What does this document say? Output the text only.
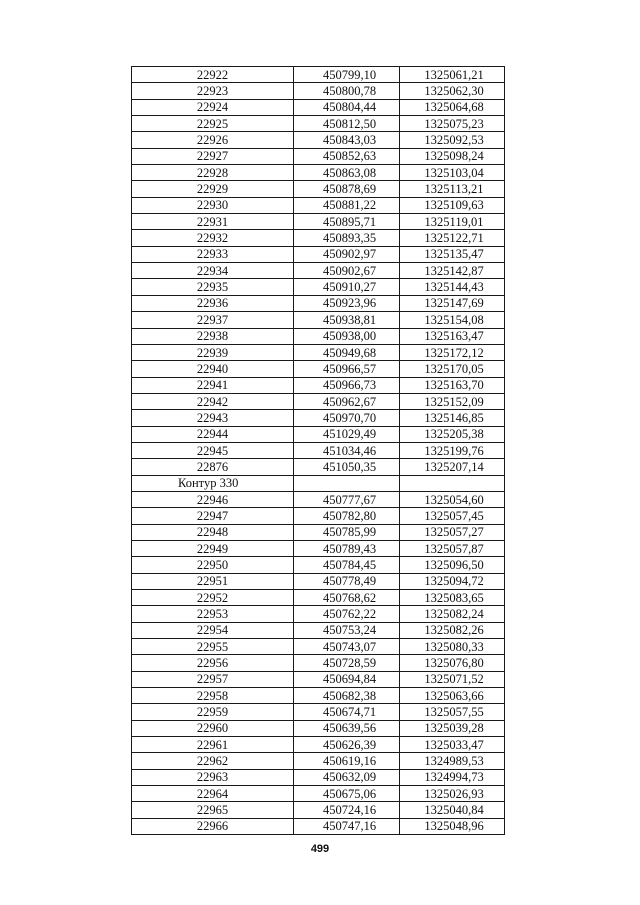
22922	450799,10	1325061,21
22923	450800,78	1325062,30
22924	450804,44	1325064,68
22925	450812,50	1325075,23
22926	450843,03	1325092,53
22927	450852,63	1325098,24
22928	450863,08	1325103,04
22929	450878,69	1325113,21
22930	450881,22	1325109,63
22931	450895,71	1325119,01
22932	450893,35	1325122,71
22933	450902,97	1325135,47
22934	450902,67	1325142,87
22935	450910,27	1325144,43
22936	450923,96	1325147,69
22937	450938,81	1325154,08
22938	450938,00	1325163,47
22939	450949,68	1325172,12
22940	450966,57	1325170,05
22941	450966,73	1325163,70
22942	450962,67	1325152,09
22943	450970,70	1325146,85
22944	451029,49	1325205,38
22945	451034,46	1325199,76
22876	451050,35	1325207,14
Контур 330		
22946	450777,67	1325054,60
22947	450782,80	1325057,45
22948	450785,99	1325057,27
22949	450789,43	1325057,87
22950	450784,45	1325096,50
22951	450778,49	1325094,72
22952	450768,62	1325083,65
22953	450762,22	1325082,24
22954	450753,24	1325082,26
22955	450743,07	1325080,33
22956	450728,59	1325076,80
22957	450694,84	1325071,52
22958	450682,38	1325063,66
22959	450674,71	1325057,55
22960	450639,56	1325039,28
22961	450626,39	1325033,47
22962	450619,16	1324989,53
22963	450632,09	1324994,73
22964	450675,06	1325026,93
22965	450724,16	1325040,84
22966	450747,16	1325048,96
499
